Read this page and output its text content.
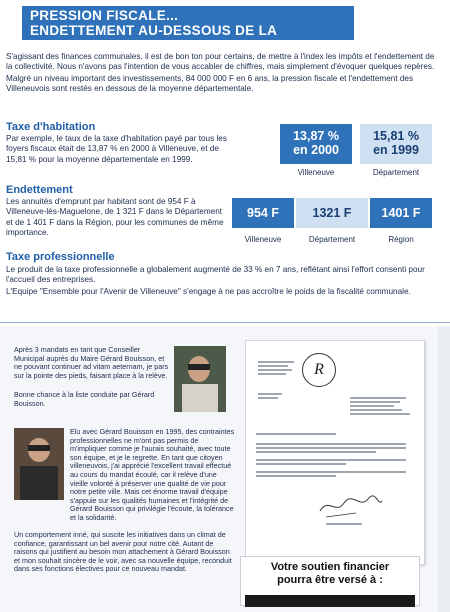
PRESSION FISCALE...
ENDETTEMENT AU-DESSOUS DE LA MOYENNE

S'agissant des finances communales, il est de bon ton pour certains, de mettre à l'index les impôts et l'endettement de la collectivité. Nous n'avons pas l'intention de vous accabler de chiffres, mais simplement d'évoquer quelques repères.

Malgré un niveau important des investissements, 84 000 000 F en 6 ans, la pression fiscale et l'endettement des Villeneuvois sont restés en dessous de la moyenne départementale.

Taxe d'habitation
Par exemple, le taux de la taxe d'habitation payé par tous les foyers fiscaux était de 13,87 % en 2000 à Villeneuve, et de 15,81 % pour la moyenne départementale en 1999.
13,87 %
en 2000
15,81 %
en 1999
Villeneuve	Département
Endettement
Les annuités d'emprunt par habitant sont de 954 F à Villeneuve-lès-Maguelone, de 1 321 F dans le Département et de 1 401 F dans la Région, pour les communes de même importance.
954 F	1321 F	1401 F
Villeneuve	Département	Région
Taxe professionnelle
Le produit de la taxe professionnelle a globalement augmenté de 33 % en 7 ans, reflétant ainsi l'effort consenti pour l'accueil des entreprises.
L'Equipe "Ensemble pour l'Avenir de Villeneuve" s'engage à ne pas accroître le poids de la fiscalité communale.
Après 3 mandats en tant que Conseiller Municipal auprès du Maire Gérard Bouisson, et ne pouvant continuer ad vitam aeternam, je pars sur la pointe des pieds, faisant place à la relève.
Bonne chance à la liste conduite par Gérard Bouisson.
Elu avec Gérard Bouisson en 1995, des contraintes professionnelles ne m'ont pas permis de m'impliquer comme je l'aurais souhaité, avec toute son équipe, et je le regrette. En tant que citoyen villeneuvois, j'ai apprécié l'excellent travail effectué au cours du mandat écoulé, car il relève d'une vieille volonté à préserver une qualité de vie pour notre petite ville. Mais cet énorme travail d'équipe s'appuie sur les qualités humaines et l'intégrité de Gérard Bouisson qui privilégie l'écoute, la tolérance et la solidarité.
Un comportement inné, qui suscite les initiatives dans un climat de confiance, garantissant un bel avenir pour notre cité. Autant de raisons qui justifient au besoin mon attachement à Gérard Bouisson et mon souhait sincère de le voir, avec sa nouvelle équipe, reconduit dans ses fonctions électives pour ce nouveau mandat.
R
Votre soutien financier
pourra être versé à :
